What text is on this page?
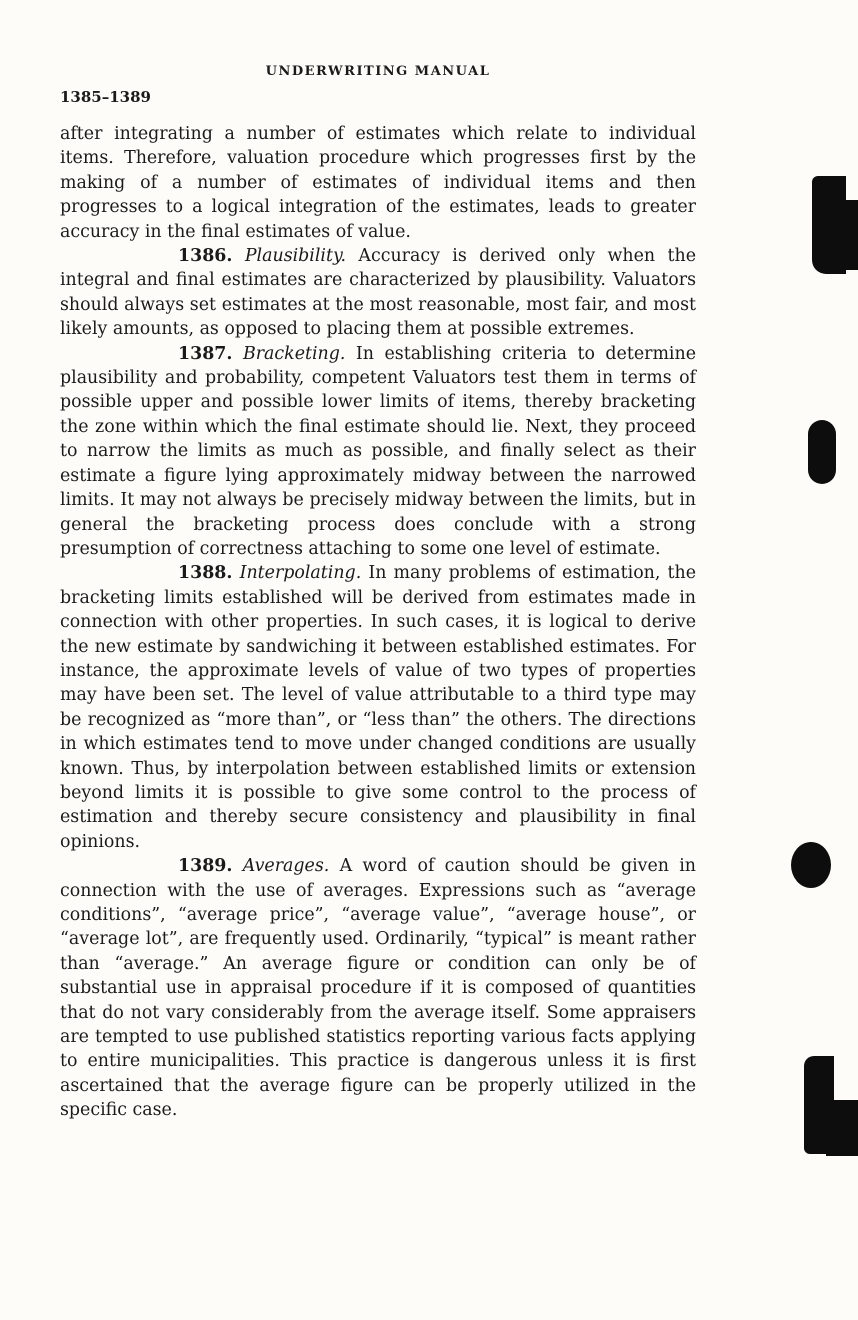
UNDERWRITING MANUAL
1385–1389

after integrating a number of estimates which relate to individual items. Therefore, valuation procedure which progresses first by the making of a number of estimates of individual items and then progresses to a logical integration of the estimates, leads to greater accuracy in the final estimates of value.

1386. Plausibility. Accuracy is derived only when the integral and final estimates are characterized by plausibility. Valuators should always set estimates at the most reasonable, most fair, and most likely amounts, as opposed to placing them at possible extremes.

1387. Bracketing. In establishing criteria to determine plausibility and probability, competent Valuators test them in terms of possible upper and possible lower limits of items, thereby bracketing the zone within which the final estimate should lie. Next, they proceed to narrow the limits as much as possible, and finally select as their estimate a figure lying approximately midway between the narrowed limits. It may not always be precisely midway between the limits, but in general the bracketing process does conclude with a strong presumption of correctness attaching to some one level of estimate.

1388. Interpolating. In many problems of estimation, the bracketing limits established will be derived from estimates made in connection with other properties. In such cases, it is logical to derive the new estimate by sandwiching it between established estimates. For instance, the approximate levels of value of two types of properties may have been set. The level of value attributable to a third type may be recognized as “more than”, or “less than” the others. The directions in which estimates tend to move under changed conditions are usually known. Thus, by interpolation between established limits or extension beyond limits it is possible to give some control to the process of estimation and thereby secure consistency and plausibility in final opinions.

1389. Averages. A word of caution should be given in connection with the use of averages. Expressions such as “average conditions”, “average price”, “average value”, “average house”, or “average lot”, are frequently used. Ordinarily, “typical” is meant rather than “average.” An average figure or condition can only be of substantial use in appraisal procedure if it is composed of quantities that do not vary considerably from the average itself. Some appraisers are tempted to use published statistics reporting various facts applying to entire municipalities. This practice is dangerous unless it is first ascertained that the average figure can be properly utilized in the specific case.
